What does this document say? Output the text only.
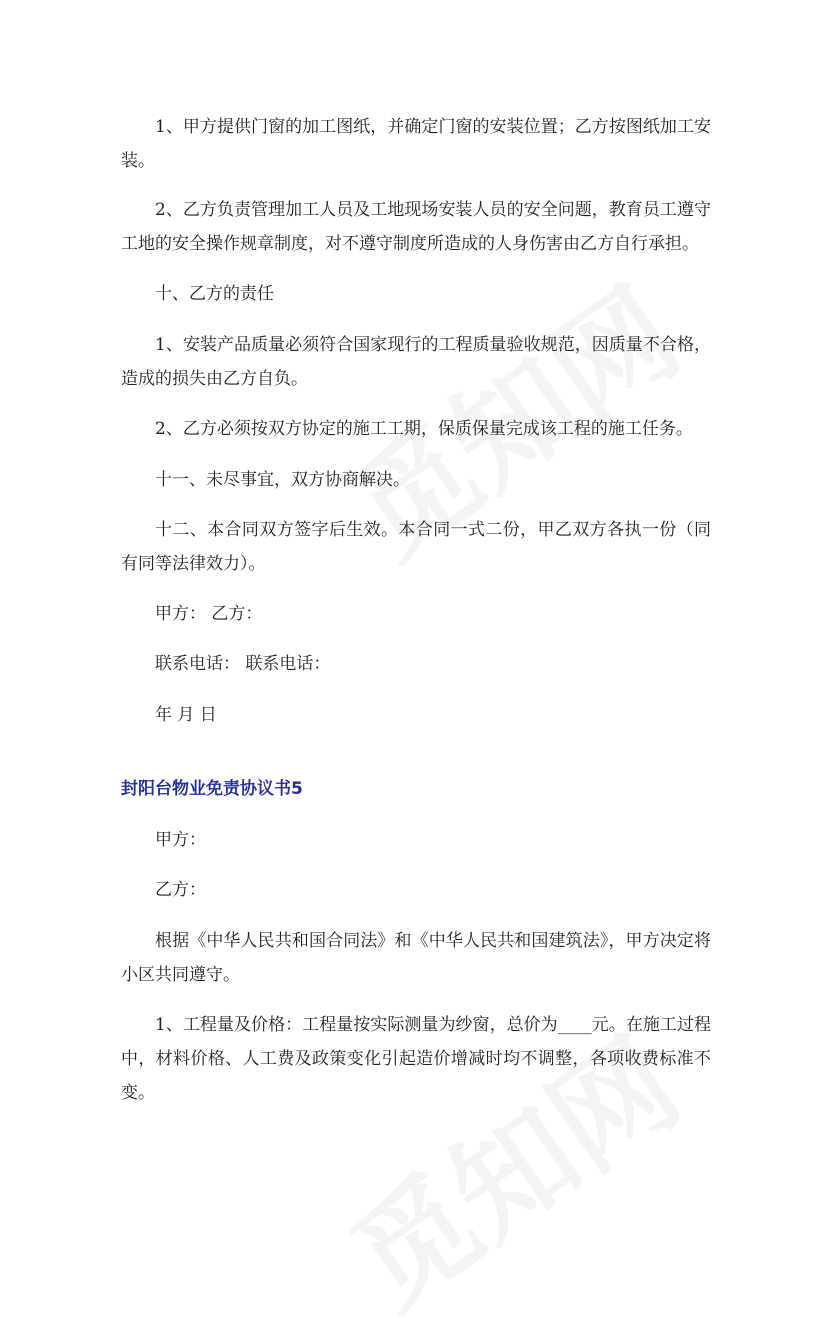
1、甲方提供门窗的加工图纸，并确定门窗的安装位置；乙方按图纸加工安装。

2、乙方负责管理加工人员及工地现场安装人员的安全问题，教育员工遵守工地的安全操作规章制度，对不遵守制度所造成的人身伤害由乙方自行承担。

十、乙方的责任

1、安装产品质量必须符合国家现行的工程质量验收规范，因质量不合格，造成的损失由乙方自负。

2、乙方必须按双方协定的施工工期，保质保量完成该工程的施工任务。

十一、未尽事宜，双方协商解决。

十二、本合同双方签字后生效。本合同一式二份，甲乙双方各执一份（同有同等法律效力）。

甲方： 乙方：

联系电话： 联系电话：

年 月 日

封阳台物业免责协议书5

甲方：

乙方：

根据《中华人民共和国合同法》和《中华人民共和国建筑法》，甲方决定将小区共同遵守。

1、工程量及价格：工程量按实际测量为纱窗，总价为____元。在施工过程中，材料价格、人工费及政策变化引起造价增减时均不调整，各项收费标准不变。
